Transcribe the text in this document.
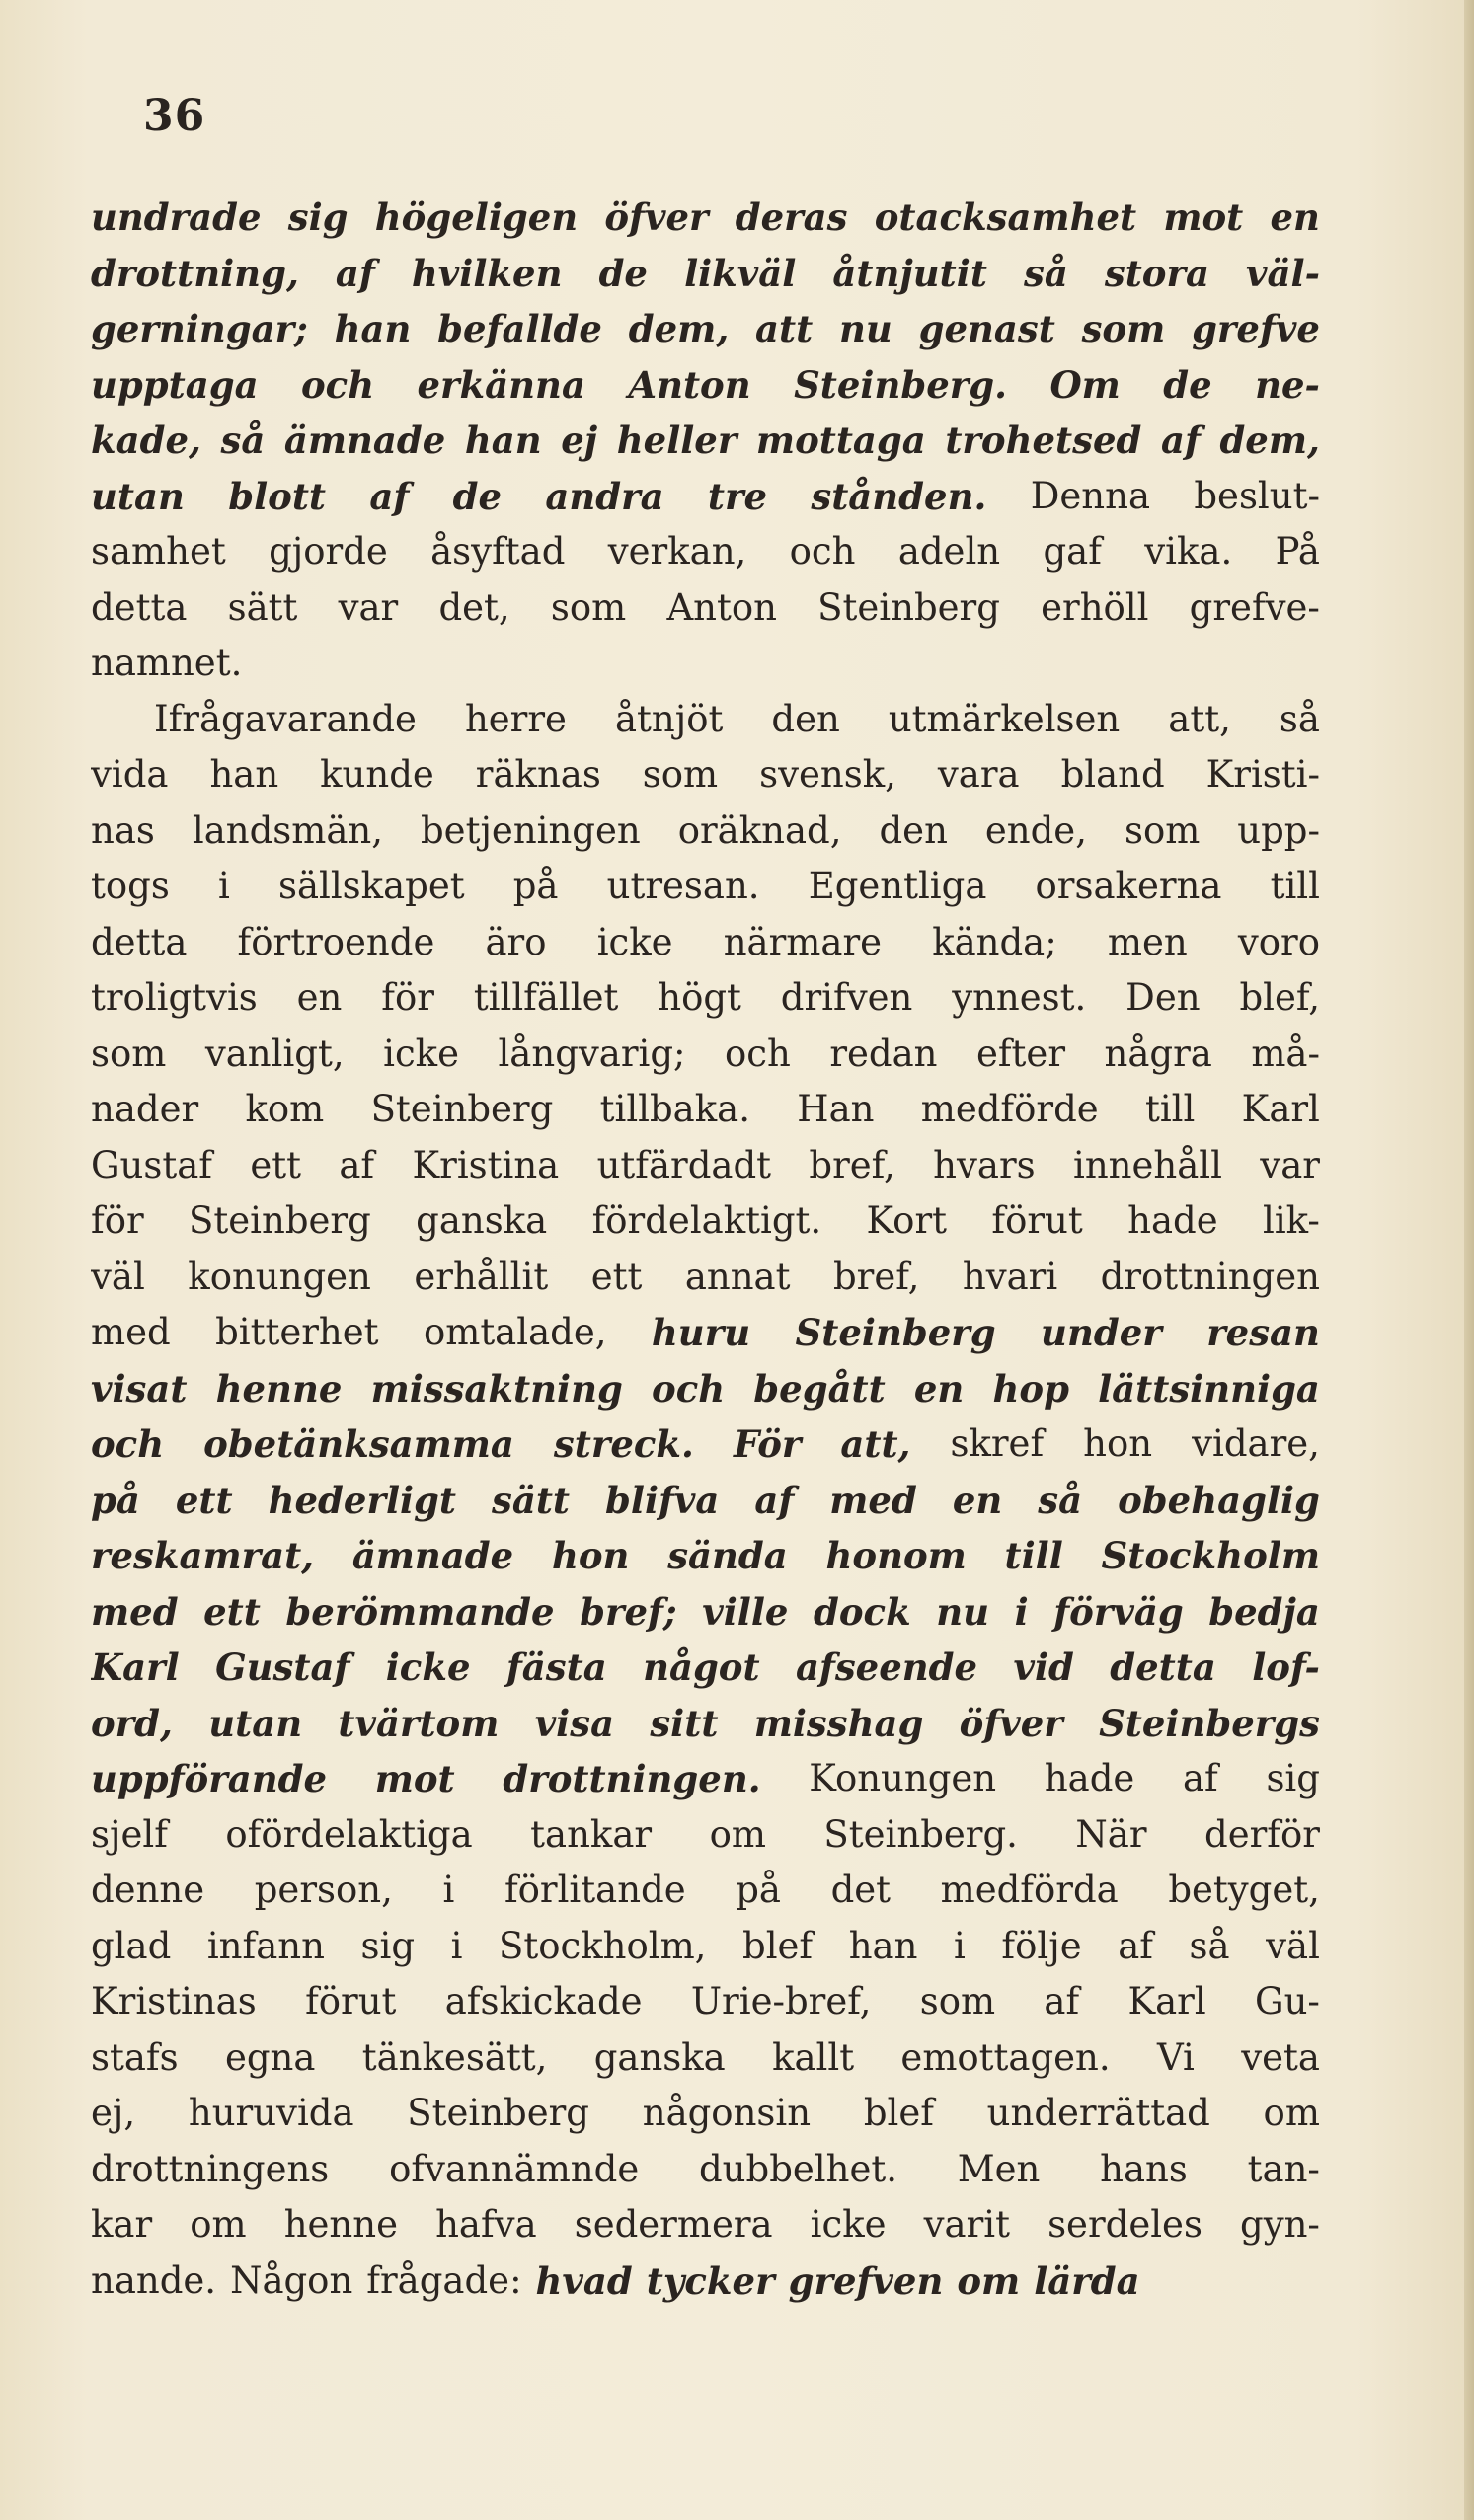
36
undrade sig högeligen öfver deras otacksamhet mot en
drottning, af hvilken de likväl åtnjutit så stora väl-
gerningar; han befallde dem, att nu genast som grefve
upptaga och erkänna Anton Steinberg. Om de ne-
kade, så ämnade han ej heller mottaga trohetsed af dem,
utan blott af de andra tre stånden. Denna beslut-
samhet gjorde åsyftad verkan, och adeln gaf vika. På
detta sätt var det, som Anton Steinberg erhöll grefve-
namnet.
Ifrågavarande herre åtnjöt den utmärkelsen att, så
vida han kunde räknas som svensk, vara bland Kristi-
nas landsmän, betjeningen oräknad, den ende, som upp-
togs i sällskapet på utresan. Egentliga orsakerna till
detta förtroende äro icke närmare kända; men voro
troligtvis en för tillfället högt drifven ynnest. Den blef,
som vanligt, icke långvarig; och redan efter några må-
nader kom Steinberg tillbaka. Han medförde till Karl
Gustaf ett af Kristina utfärdadt bref, hvars innehåll var
för Steinberg ganska fördelaktigt. Kort förut hade lik-
väl konungen erhållit ett annat bref, hvari drottningen
med bitterhet omtalade, huru Steinberg under resan
visat henne missaktning och begått en hop lättsinniga
och obetänksamma streck. För att, skref hon vidare,
på ett hederligt sätt blifva af med en så obehaglig
reskamrat, ämnade hon sända honom till Stockholm
med ett berömmande bref; ville dock nu i förväg bedja
Karl Gustaf icke fästa något afseende vid detta lof-
ord, utan tvärtom visa sitt misshag öfver Steinbergs
uppförande mot drottningen. Konungen hade af sig
sjelf ofördelaktiga tankar om Steinberg. När derför
denne person, i förlitande på det medförda betyget,
glad infann sig i Stockholm, blef han i följe af så väl
Kristinas förut afskickade Urie-bref, som af Karl Gu-
stafs egna tänkesätt, ganska kallt emottagen. Vi veta
ej, huruvida Steinberg någonsin blef underrättad om
drottningens ofvannämnde dubbelhet. Men hans tan-
kar om henne hafva sedermera icke varit serdeles gyn-
nande. Någon frågade: hvad tycker grefven om lärda
